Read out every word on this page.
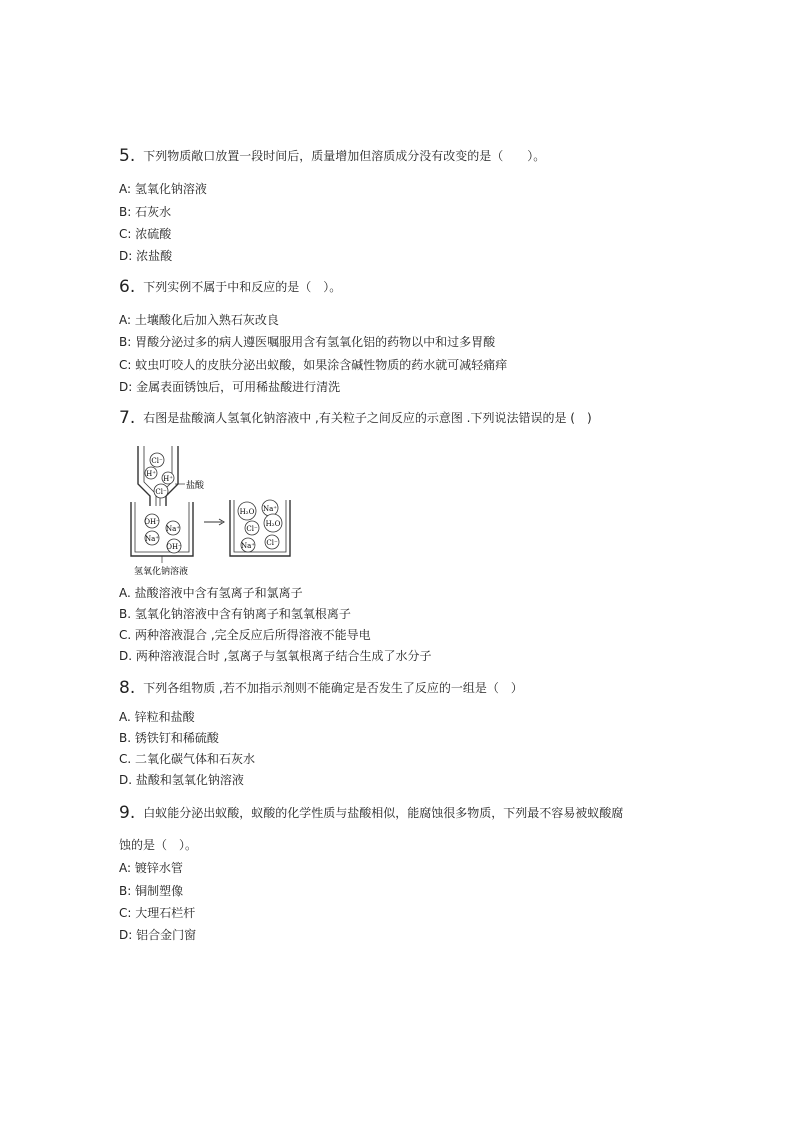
5. 下列物质敞口放置一段时间后，质量增加但溶质成分没有改变的是（　　）。
A: 氢氧化钠溶液
B: 石灰水
C: 浓硫酸
D: 浓盐酸
6. 下列实例不属于中和反应的是（　）。
A: 土壤酸化后加入熟石灰改良
B: 胃酸分泌过多的病人遵医嘱服用含有氢氧化铝的药物以中和过多胃酸
C: 蚊虫叮咬人的皮肤分泌出蚁酸，如果涂含碱性物质的药水就可减轻痛痒
D: 金属表面锈蚀后，可用稀盐酸进行清洗
7. 右图是盐酸滴人氢氧化钠溶液中 ,有关粒子之间反应的示意图 .下列说法错误的是 (　)
Cl⁻
H⁺
H⁺
Cl⁻
盐酸
OH⁻
Na⁺
Na⁺
OH⁻
氢氧化钠溶液
H₂O Na⁺
Cl⁻
H₂O
Na⁺ Cl⁻
A. 盐酸溶液中含有氢离子和氯离子
B. 氢氧化钠溶液中含有钠离子和氢氧根离子
C. 两种溶液混合 ,完全反应后所得溶液不能导电
D. 两种溶液混合时 ,氢离子与氢氧根离子结合生成了水分子
8. 下列各组物质 ,若不加指示剂则不能确定是否发生了反应的一组是（　）
A. 锌粒和盐酸
B. 锈铁钉和稀硫酸
C. 二氧化碳气体和石灰水
D. 盐酸和氢氧化钠溶液
9. 白蚁能分泌出蚁酸，蚁酸的化学性质与盐酸相似，能腐蚀很多物质，下列最不容易被蚁酸腐
蚀的是（　）。
A: 镀锌水管
B: 铜制塑像
C: 大理石栏杆
D: 铝合金门窗
